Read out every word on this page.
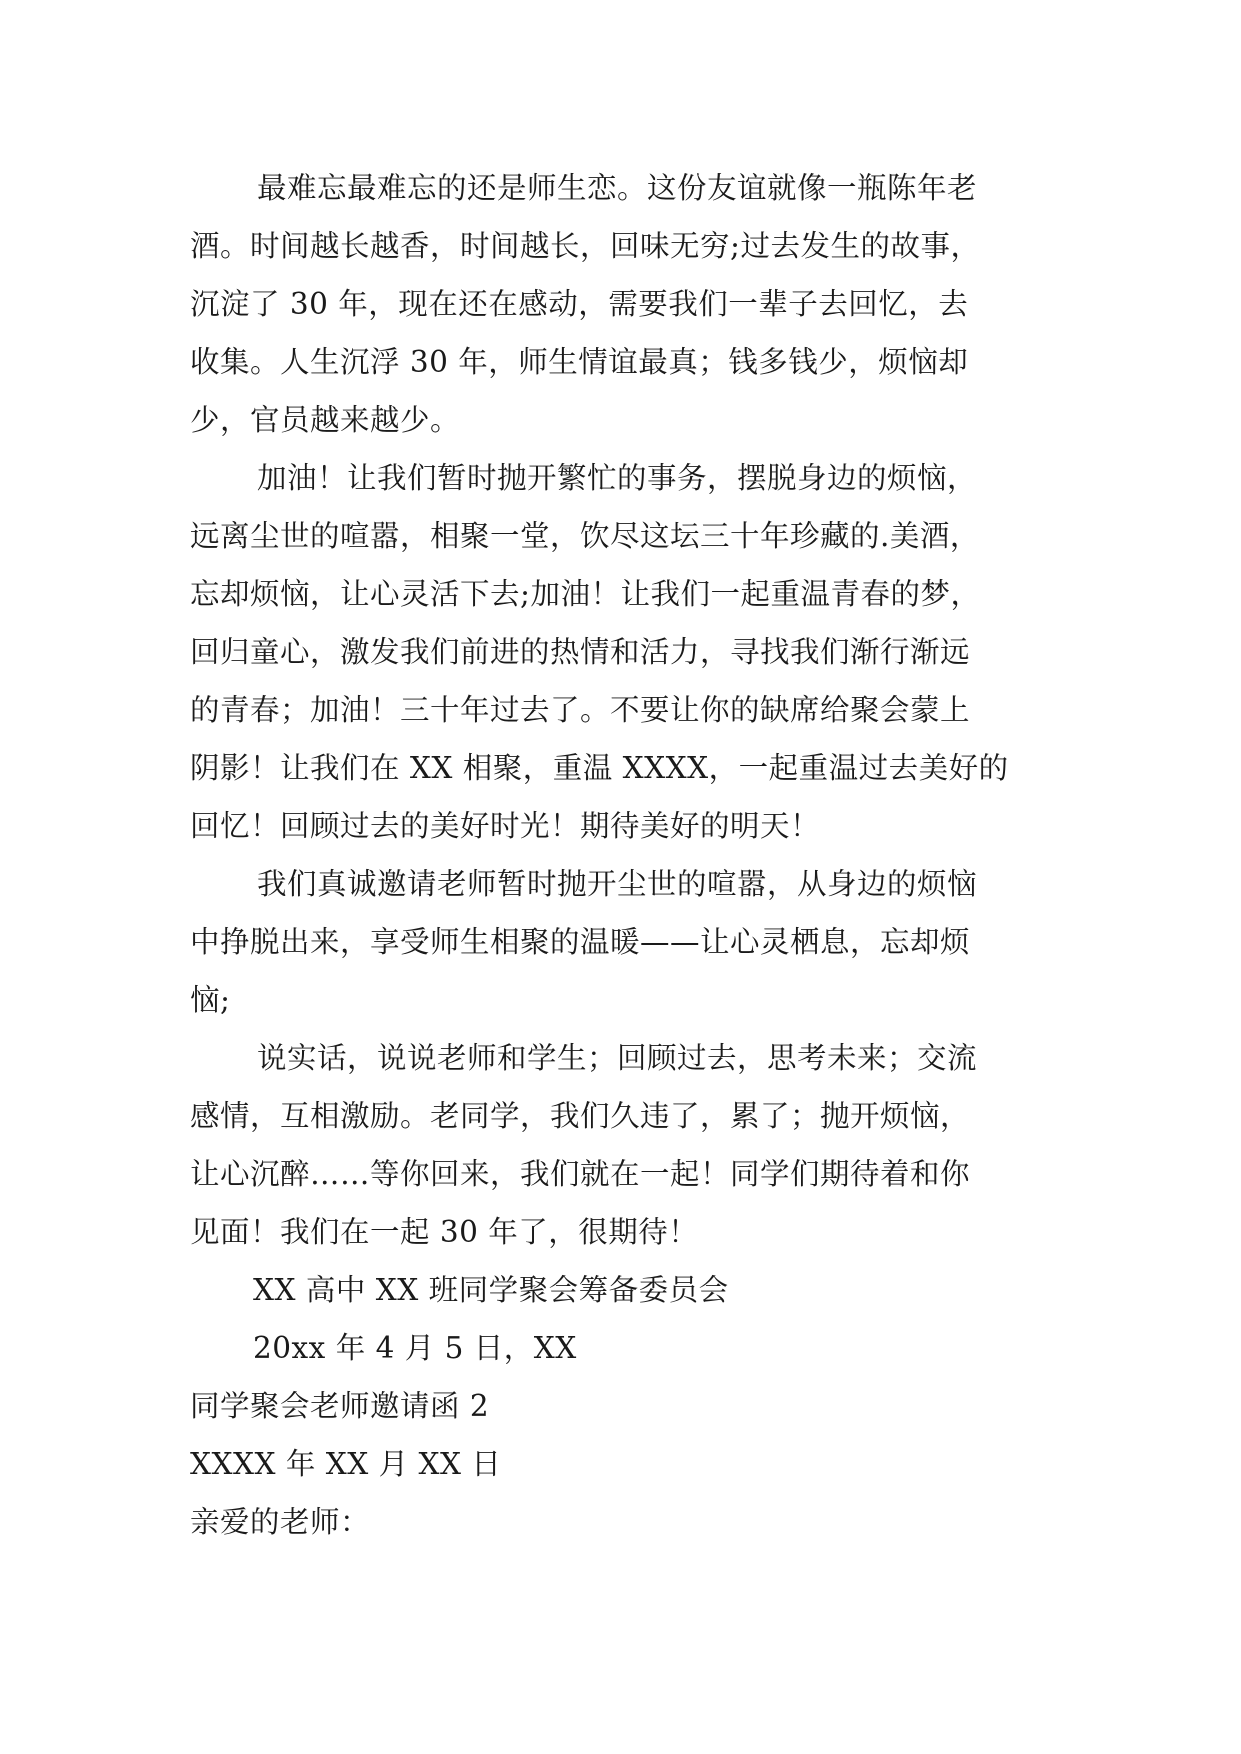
最难忘最难忘的还是师生恋。这份友谊就像一瓶陈年老
酒。时间越长越香，时间越长，回味无穷;过去发生的故事，
沉淀了 30 年，现在还在感动，需要我们一辈子去回忆，去
收集。人生沉浮 30 年，师生情谊最真；钱多钱少，烦恼却
少，官员越来越少。
加油！让我们暂时抛开繁忙的事务，摆脱身边的烦恼，
远离尘世的喧嚣，相聚一堂，饮尽这坛三十年珍藏的.美酒，
忘却烦恼，让心灵活下去;加油！让我们一起重温青春的梦，
回归童心，激发我们前进的热情和活力，寻找我们渐行渐远
的青春；加油！三十年过去了。不要让你的缺席给聚会蒙上
阴影！让我们在 XX 相聚，重温 XXXX，一起重温过去美好的
回忆！回顾过去的美好时光！期待美好的明天！
我们真诚邀请老师暂时抛开尘世的喧嚣，从身边的烦恼
中挣脱出来，享受师生相聚的温暖——让心灵栖息，忘却烦
恼;
说实话，说说老师和学生；回顾过去，思考未来；交流
感情，互相激励。老同学，我们久违了，累了；抛开烦恼，
让心沉醉……等你回来，我们就在一起！同学们期待着和你
见面！我们在一起 30 年了，很期待！
XX 高中 XX 班同学聚会筹备委员会
20xx 年 4 月 5 日，XX
同学聚会老师邀请函 2
XXXX 年 XX 月 XX 日
亲爱的老师：
